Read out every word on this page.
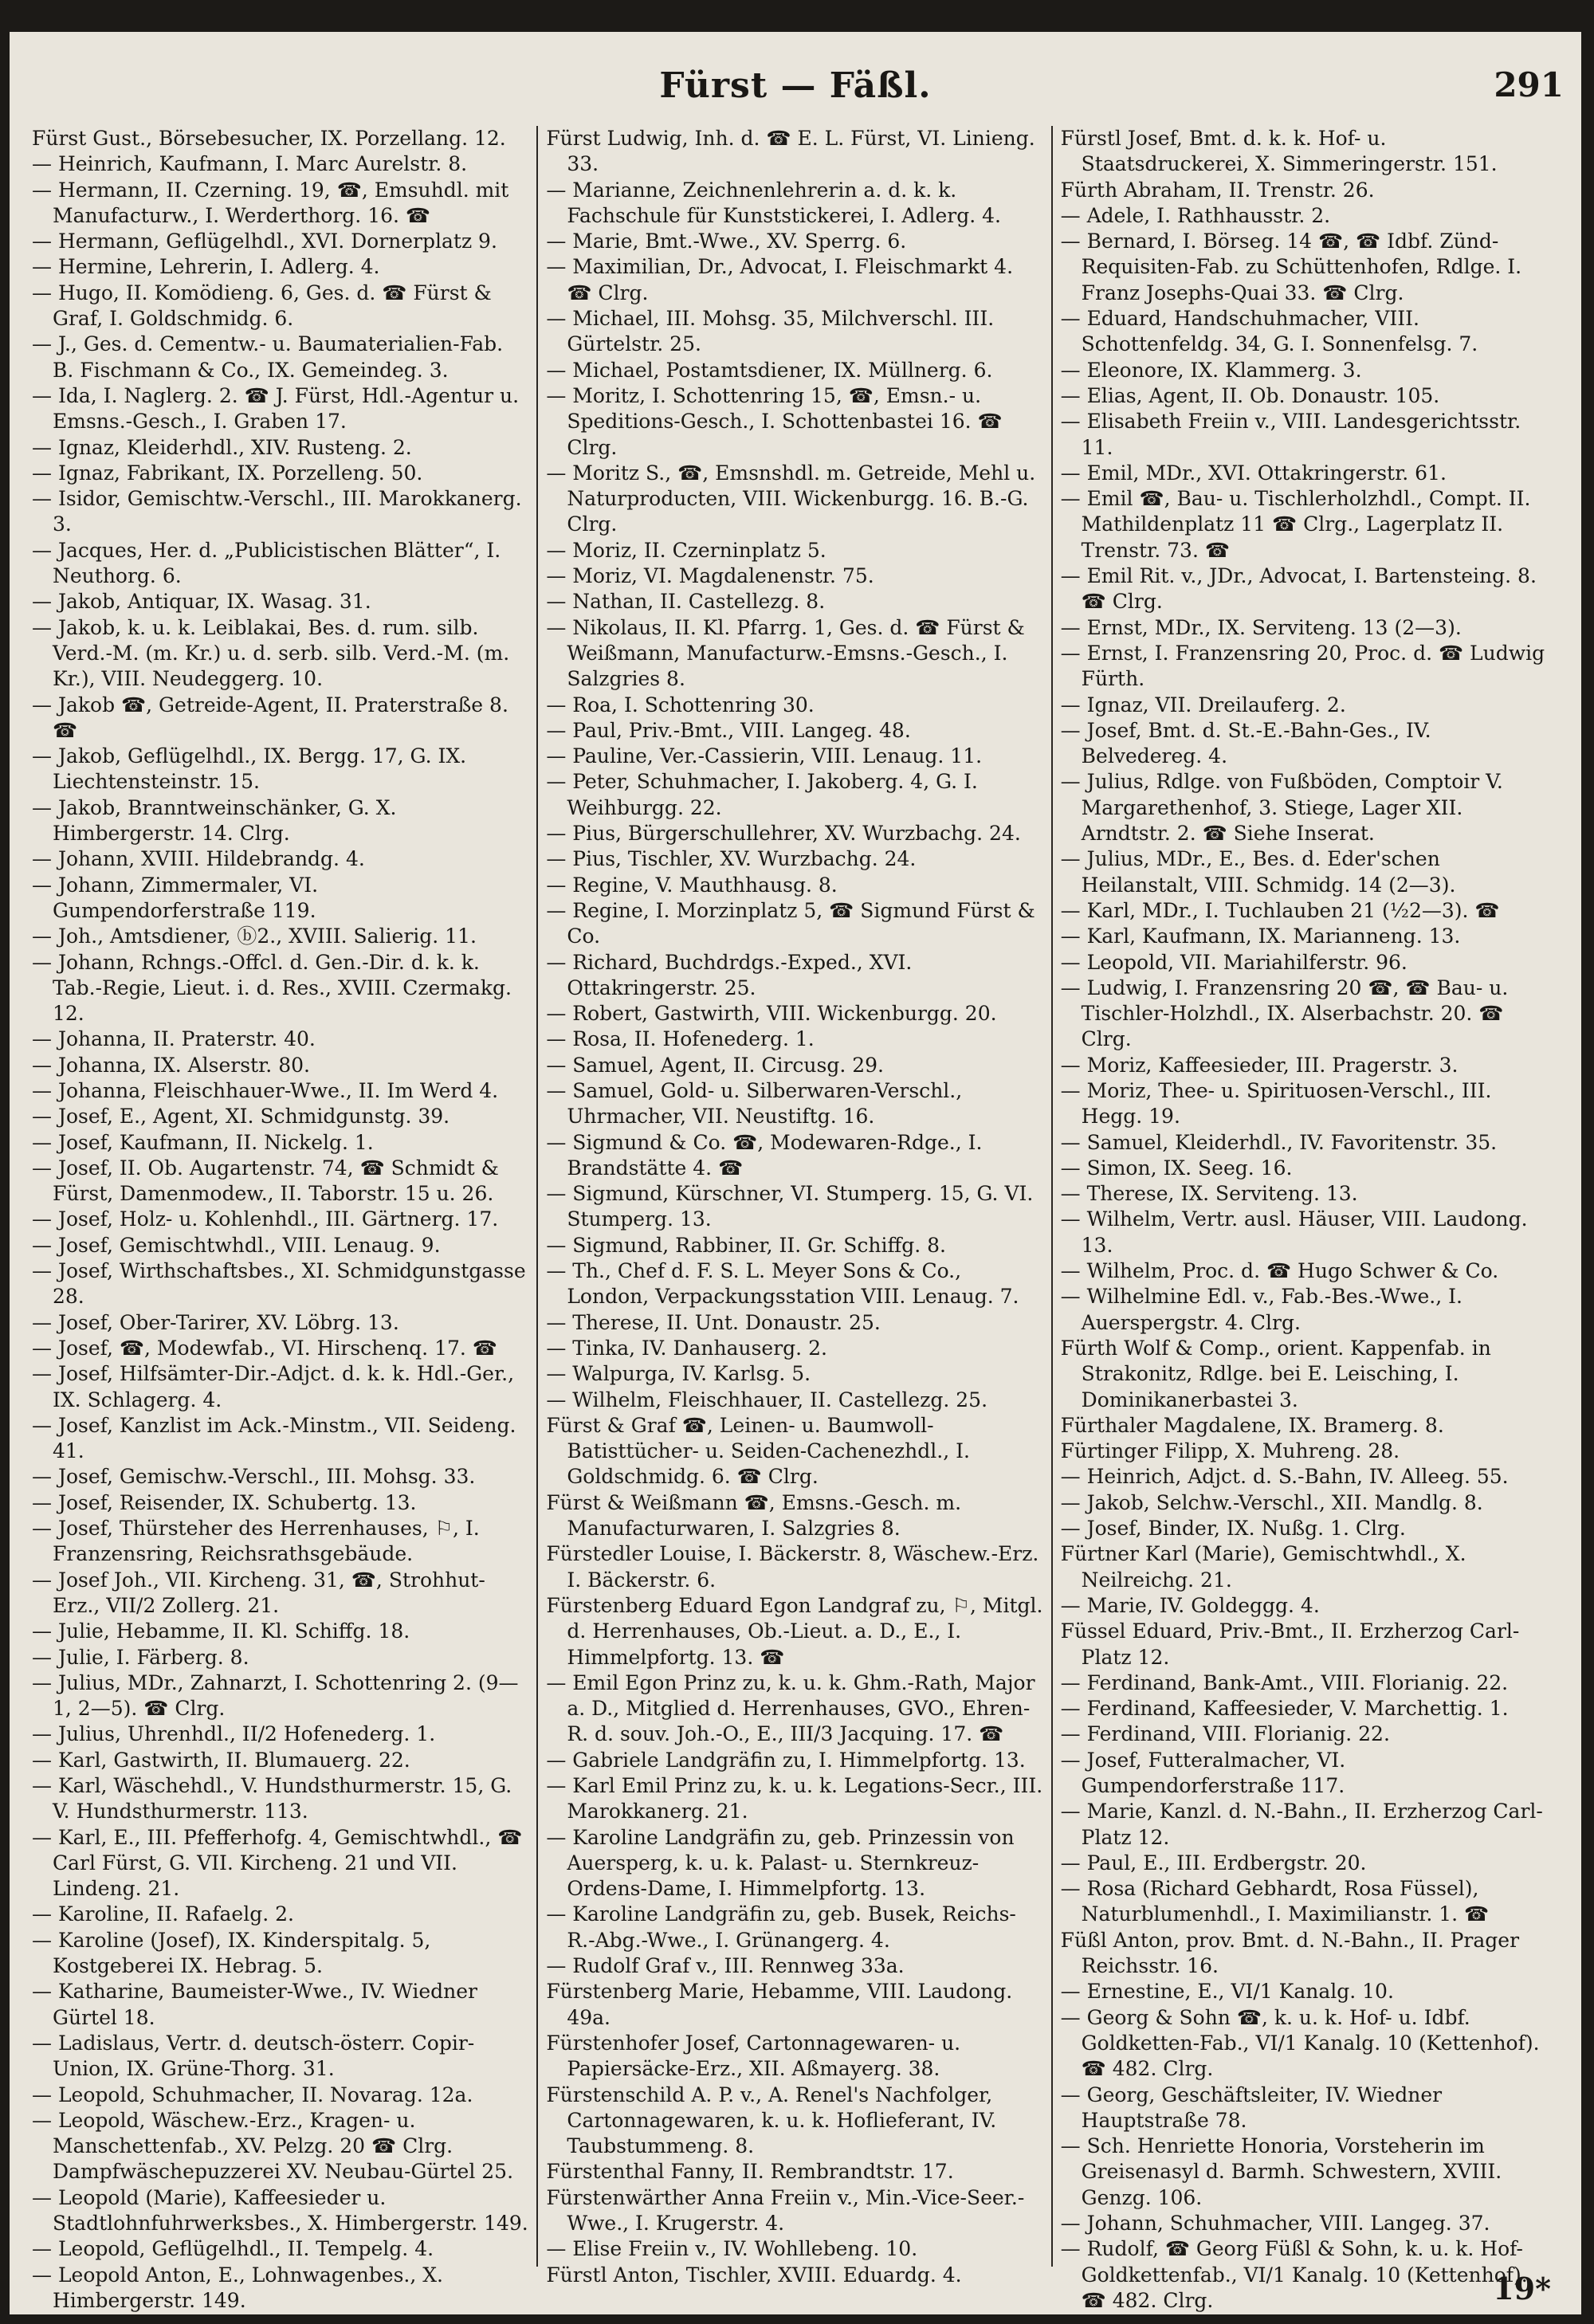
Fürst — Fäßl.	291
Fürst Gust., Börsebesucher, IX. Porzellang. 12.
— Heinrich, Kaufmann, I. Marc Aurelstr. 8.
— Hermann, II. Czerning. 19, ☎, Emsuhdl. mit Manufacturw., I. Werderthorg. 16. ☎
— Hermann, Geflügelhdl., XVI. Dornerplatz 9.
— Hermine, Lehrerin, I. Adlerg. 4.
— Hugo, II. Komödieng. 6, Ges. d. ☎ Fürst & Graf, I. Goldschmidg. 6.
— J., Ges. d. Cementw.- u. Baumaterialien-Fab. B. Fischmann & Co., IX. Gemeindeg. 3.
— Ida, I. Naglerg. 2. ☎ J. Fürst, Hdl.-Agentur u. Emsns.-Gesch., I. Graben 17.
— Ignaz, Kleiderhdl., XIV. Rusteng. 2.
— Ignaz, Fabrikant, IX. Porzelleng. 50.
— Isidor, Gemischtw.-Verschl., III. Marokkanerg. 3.
— Jacques, Her. d. „Publicistischen Blätter“, I. Neuthorg. 6.
— Jakob, Antiquar, IX. Wasag. 31.
— Jakob, k. u. k. Leiblakai, Bes. d. rum. silb. Verd.-M. (m. Kr.) u. d. serb. silb. Verd.-M. (m. Kr.), VIII. Neudeggerg. 10.
— Jakob ☎, Getreide-Agent, II. Praterstraße 8. ☎
— Jakob, Geflügelhdl., IX. Bergg. 17, G. IX. Liechtensteinstr. 15.
— Jakob, Branntweinschänker, G. X. Himbergerstr. 14. Clrg.
— Johann, XVIII. Hildebrandg. 4.
— Johann, Zimmermaler, VI. Gumpendorferstraße 119.
— Joh., Amtsdiener, ⓑ2., XVIII. Salierig. 11.
— Johann, Rchngs.-Offcl. d. Gen.-Dir. d. k. k. Tab.-Regie, Lieut. i. d. Res., XVIII. Czermakg. 12.
— Johanna, II. Praterstr. 40.
— Johanna, IX. Alserstr. 80.
— Johanna, Fleischhauer-Wwe., II. Im Werd 4.
— Josef, E., Agent, XI. Schmidgunstg. 39.
— Josef, Kaufmann, II. Nickelg. 1.
— Josef, II. Ob. Augartenstr. 74, ☎ Schmidt & Fürst, Damenmodew., II. Taborstr. 15 u. 26.
— Josef, Holz- u. Kohlenhdl., III. Gärtnerg. 17.
— Josef, Gemischtwhdl., VIII. Lenaug. 9.
— Josef, Wirthschaftsbes., XI. Schmidgunstgasse 28.
— Josef, Ober-Tarirer, XV. Löbrg. 13.
— Josef, ☎, Modewfab., VI. Hirschenq. 17. ☎
— Josef, Hilfsämter-Dir.-Adjct. d. k. k. Hdl.-Ger., IX. Schlagerg. 4.
— Josef, Kanzlist im Ack.-Minstm., VII. Seideng. 41.
— Josef, Gemischw.-Verschl., III. Mohsg. 33.
— Josef, Reisender, IX. Schubertg. 13.
— Josef, Thürsteher des Herrenhauses, ⚐, I. Franzensring, Reichsrathsgebäude.
— Josef Joh., VII. Kircheng. 31, ☎, Strohhut-Erz., VII/2 Zollerg. 21.
— Julie, Hebamme, II. Kl. Schiffg. 18.
— Julie, I. Färberg. 8.
— Julius, MDr., Zahnarzt, I. Schottenring 2. (9—1, 2—5). ☎ Clrg.
— Julius, Uhrenhdl., II/2 Hofenederg. 1.
— Karl, Gastwirth, II. Blumauerg. 22.
— Karl, Wäschehdl., V. Hundsthurmerstr. 15, G. V. Hundsthurmerstr. 113.
— Karl, E., III. Pfefferhofg. 4, Gemischtwhdl., ☎ Carl Fürst, G. VII. Kircheng. 21 und VII. Lindeng. 21.
— Karoline, II. Rafaelg. 2.
— Karoline (Josef), IX. Kinderspitalg. 5, Kostgeberei IX. Hebrag. 5.
— Katharine, Baumeister-Wwe., IV. Wiedner Gürtel 18.
— Ladislaus, Vertr. d. deutsch-österr. Copir-Union, IX. Grüne-Thorg. 31.
— Leopold, Schuhmacher, II. Novarag. 12a.
— Leopold, Wäschew.-Erz., Kragen- u. Manschettenfab., XV. Pelzg. 20 ☎ Clrg. Dampfwäschepuzzerei XV. Neubau-Gürtel 25.
— Leopold (Marie), Kaffeesieder u. Stadtlohnfuhrwerksbes., X. Himbergerstr. 149.
— Leopold, Geflügelhdl., II. Tempelg. 4.
— Leopold Anton, E., Lohnwagenbes., X. Himbergerstr. 149.
Fürst Ludwig, Inh. d. ☎ E. L. Fürst, VI. Linieng. 33.
— Marianne, Zeichnenlehrerin a. d. k. k. Fachschule für Kunststickerei, I. Adlerg. 4.
— Marie, Bmt.-Wwe., XV. Sperrg. 6.
— Maximilian, Dr., Advocat, I. Fleischmarkt 4. ☎ Clrg.
— Michael, III. Mohsg. 35, Milchverschl. III. Gürtelstr. 25.
— Michael, Postamtsdiener, IX. Müllnerg. 6.
— Moritz, I. Schottenring 15, ☎, Emsn.- u. Speditions-Gesch., I. Schottenbastei 16. ☎ Clrg.
— Moritz S., ☎, Emsnshdl. m. Getreide, Mehl u. Naturproducten, VIII. Wickenburgg. 16. B.-G. Clrg.
— Moriz, II. Czerninplatz 5.
— Moriz, VI. Magdalenenstr. 75.
— Nathan, II. Castellezg. 8.
— Nikolaus, II. Kl. Pfarrg. 1, Ges. d. ☎ Fürst & Weißmann, Manufacturw.-Emsns.-Gesch., I. Salzgries 8.
— Roa, I. Schottenring 30.
— Paul, Priv.-Bmt., VIII. Langeg. 48.
— Pauline, Ver.-Cassierin, VIII. Lenaug. 11.
— Peter, Schuhmacher, I. Jakoberg. 4, G. I. Weihburgg. 22.
— Pius, Bürgerschullehrer, XV. Wurzbachg. 24.
— Pius, Tischler, XV. Wurzbachg. 24.
— Regine, V. Mauthhausg. 8.
— Regine, I. Morzinplatz 5, ☎ Sigmund Fürst & Co.
— Richard, Buchdrdgs.-Exped., XVI. Ottakringerstr. 25.
— Robert, Gastwirth, VIII. Wickenburgg. 20.
— Rosa, II. Hofenederg. 1.
— Samuel, Agent, II. Circusg. 29.
— Samuel, Gold- u. Silberwaren-Verschl., Uhrmacher, VII. Neustiftg. 16.
— Sigmund & Co. ☎, Modewaren-Rdge., I. Brandstätte 4. ☎
— Sigmund, Kürschner, VI. Stumperg. 15, G. VI. Stumperg. 13.
— Sigmund, Rabbiner, II. Gr. Schiffg. 8.
— Th., Chef d. F. S. L. Meyer Sons & Co., London, Verpackungsstation VIII. Lenaug. 7.
— Therese, II. Unt. Donaustr. 25.
— Tinka, IV. Danhauserg. 2.
— Walpurga, IV. Karlsg. 5.
— Wilhelm, Fleischhauer, II. Castellezg. 25.
Fürst & Graf ☎, Leinen- u. Baumwoll-Batisttücher- u. Seiden-Cachenezhdl., I. Goldschmidg. 6. ☎ Clrg.
Fürst & Weißmann ☎, Emsns.-Gesch. m. Manufacturwaren, I. Salzgries 8.
Fürstedler Louise, I. Bäckerstr. 8, Wäschew.-Erz. I. Bäckerstr. 6.
Fürstenberg Eduard Egon Landgraf zu, ⚐, Mitgl. d. Herrenhauses, Ob.-Lieut. a. D., E., I. Himmelpfortg. 13. ☎
— Emil Egon Prinz zu, k. u. k. Ghm.-Rath, Major a. D., Mitglied d. Herrenhauses, GVO., Ehren-R. d. souv. Joh.-O., E., III/3 Jacquing. 17. ☎
— Gabriele Landgräfin zu, I. Himmelpfortg. 13.
— Karl Emil Prinz zu, k. u. k. Legations-Secr., III. Marokkanerg. 21.
— Karoline Landgräfin zu, geb. Prinzessin von Auersperg, k. u. k. Palast- u. Sternkreuz-Ordens-Dame, I. Himmelpfortg. 13.
— Karoline Landgräfin zu, geb. Busek, Reichs-R.-Abg.-Wwe., I. Grünangerg. 4.
— Rudolf Graf v., III. Rennweg 33a.
Fürstenberg Marie, Hebamme, VIII. Laudong. 49a.
Fürstenhofer Josef, Cartonnagewaren- u. Papiersäcke-Erz., XII. Aßmayerg. 38.
Fürstenschild A. P. v., A. Renel's Nachfolger, Cartonnagewaren, k. u. k. Hoflieferant, IV. Taubstummeng. 8.
Fürstenthal Fanny, II. Rembrandtstr. 17.
Fürstenwärther Anna Freiin v., Min.-Vice-Seer.-Wwe., I. Krugerstr. 4.
— Elise Freiin v., IV. Wohllebeng. 10.
Fürstl Anton, Tischler, XVIII. Eduardg. 4.
Fürstl Josef, Bmt. d. k. k. Hof- u. Staatsdruckerei, X. Simmeringerstr. 151.
Fürth Abraham, II. Trenstr. 26.
— Adele, I. Rathhausstr. 2.
— Bernard, I. Börseg. 14 ☎, ☎ Idbf. Zünd-Requisiten-Fab. zu Schüttenhofen, Rdlge. I. Franz Josephs-Quai 33. ☎ Clrg.
— Eduard, Handschuhmacher, VIII. Schottenfeldg. 34, G. I. Sonnenfelsg. 7.
— Eleonore, IX. Klammerg. 3.
— Elias, Agent, II. Ob. Donaustr. 105.
— Elisabeth Freiin v., VIII. Landesgerichtsstr. 11.
— Emil, MDr., XVI. Ottakringerstr. 61.
— Emil ☎, Bau- u. Tischlerholzhdl., Compt. II. Mathildenplatz 11 ☎ Clrg., Lagerplatz II. Trenstr. 73. ☎
— Emil Rit. v., JDr., Advocat, I. Bartensteing. 8. ☎ Clrg.
— Ernst, MDr., IX. Serviteng. 13 (2—3).
— Ernst, I. Franzensring 20, Proc. d. ☎ Ludwig Fürth.
— Ignaz, VII. Dreilauferg. 2.
— Josef, Bmt. d. St.-E.-Bahn-Ges., IV. Belvedereg. 4.
— Julius, Rdlge. von Fußböden, Comptoir V. Margarethenhof, 3. Stiege, Lager XII. Arndtstr. 2. ☎ Siehe Inserat.
— Julius, MDr., E., Bes. d. Eder'schen Heilanstalt, VIII. Schmidg. 14 (2—3).
— Karl, MDr., I. Tuchlauben 21 (½2—3). ☎
— Karl, Kaufmann, IX. Marianneng. 13.
— Leopold, VII. Mariahilferstr. 96.
— Ludwig, I. Franzensring 20 ☎, ☎ Bau- u. Tischler-Holzhdl., IX. Alserbachstr. 20. ☎ Clrg.
— Moriz, Kaffeesieder, III. Pragerstr. 3.
— Moriz, Thee- u. Spirituosen-Verschl., III. Hegg. 19.
— Samuel, Kleiderhdl., IV. Favoritenstr. 35.
— Simon, IX. Seeg. 16.
— Therese, IX. Serviteng. 13.
— Wilhelm, Vertr. ausl. Häuser, VIII. Laudong. 13.
— Wilhelm, Proc. d. ☎ Hugo Schwer & Co.
— Wilhelmine Edl. v., Fab.-Bes.-Wwe., I. Auerspergstr. 4. Clrg.
Fürth Wolf & Comp., orient. Kappenfab. in Strakonitz, Rdlge. bei E. Leisching, I. Dominikanerbastei 3.
Fürthaler Magdalene, IX. Bramerg. 8.
Fürtinger Filipp, X. Muhreng. 28.
— Heinrich, Adjct. d. S.-Bahn, IV. Alleeg. 55.
— Jakob, Selchw.-Verschl., XII. Mandlg. 8.
— Josef, Binder, IX. Nußg. 1. Clrg.
Fürtner Karl (Marie), Gemischtwhdl., X. Neilreichg. 21.
— Marie, IV. Goldeggg. 4.
Füssel Eduard, Priv.-Bmt., II. Erzherzog Carl-Platz 12.
— Ferdinand, Bank-Amt., VIII. Florianig. 22.
— Ferdinand, Kaffeesieder, V. Marchettig. 1.
— Ferdinand, VIII. Florianig. 22.
— Josef, Futteralmacher, VI. Gumpendorferstraße 117.
— Marie, Kanzl. d. N.-Bahn., II. Erzherzog Carl-Platz 12.
— Paul, E., III. Erdbergstr. 20.
— Rosa (Richard Gebhardt, Rosa Füssel), Naturblumenhdl., I. Maximilianstr. 1. ☎
Füßl Anton, prov. Bmt. d. N.-Bahn., II. Prager Reichsstr. 16.
— Ernestine, E., VI/1 Kanalg. 10.
— Georg & Sohn ☎, k. u. k. Hof- u. Idbf. Goldketten-Fab., VI/1 Kanalg. 10 (Kettenhof). ☎ 482. Clrg.
— Georg, Geschäftsleiter, IV. Wiedner Hauptstraße 78.
— Sch. Henriette Honoria, Vorsteherin im Greisenasyl d. Barmh. Schwestern, XVIII. Genzg. 106.
— Johann, Schuhmacher, VIII. Langeg. 37.
— Rudolf, ☎ Georg Füßl & Sohn, k. u. k. Hof-Goldkettenfab., VI/1 Kanalg. 10 (Kettenhof). ☎ 482. Clrg.	19*
